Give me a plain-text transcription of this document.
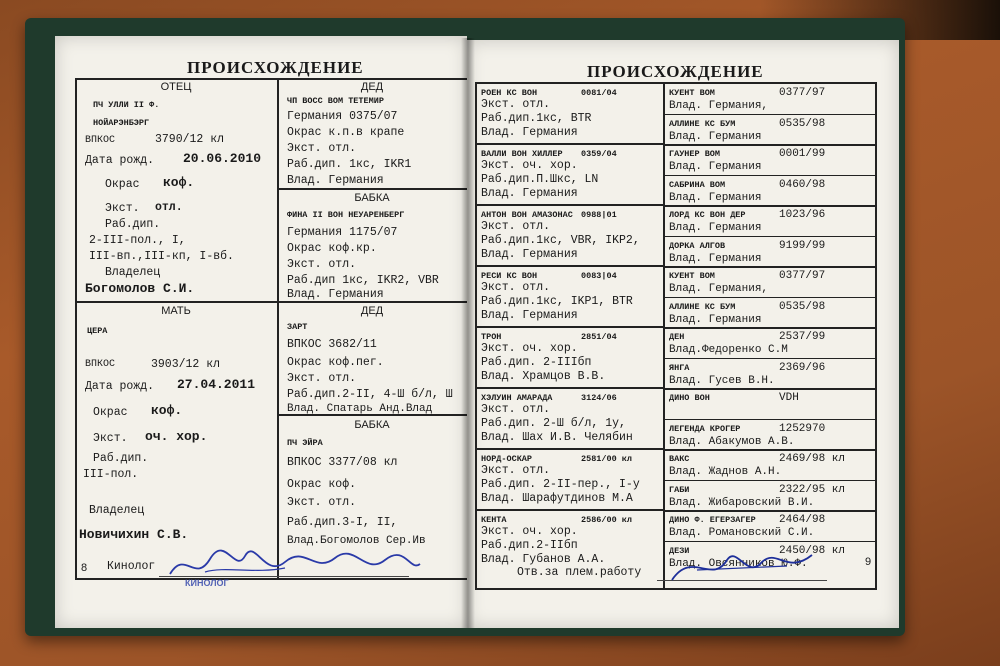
ПРОИСХОЖДЕНИЕ
ОТЕЦ
ПЧ УЛЛИ II Ф.
НОЙАРЭНБЭРГ
ВПКОС	3790/12 кл
Дата рожд. 20.06.2010
Окрас коф.
Экст. отл.
Раб.дип.
2-III-пол., I,
III-вп.,III-кп, I-вб.
Владелец
Богомолов С.И.
ДЕД
ЧП ВОСС ВОМ ТЕТЕМИР
Германия 0375/07
Окрас к.п.в крапе
Экст. отл.
Раб.дип. 1кс, IKR1
Влад. Германия
БАБКА
ФИНА II ВОН НЕУАРЕНБЕРГ
Германия 1175/07
Окрас коф.кр.
Экст. отл.
Раб.дип 1кс, IKR2, VBR
Влад. Германия
МАТЬ
ЦЕРА
ВПКОС	3903/12 кл
Дата рожд. 27.04.2011
Окрас коф.
Экст. оч. хор.
Раб.дип.
III-пол.
Владелец
Новичихин С.В.
ДЕД
ЗАРТ
ВПКОС 3682/11
Окрас коф.пег.
Экст. отл.
Раб.дип.2-II, 4-Ш б/л, Ш
Влад. Спатарь Анд.Влад
БАБКА
ПЧ ЭЙРА
ВПКОС 3377/08 кл
Окрас коф.
Экст. отл.
Раб.дип.3-I, II,
Влад.Богомолов Сер.Ив
8 Кинолог
КИНОЛОГ
ПРОИСХОЖДЕНИЕ
РОЕН КС ВОН	0081/04
Экст. отл.
Раб.дип.1кс, BTR
Влад. Германия
ВАЛЛИ ВОН ХИЛЛЕР 0359/04
Экст. оч. хор.
Раб.дип.П.Шкс, LN
Влад. Германия
АНТОН ВОН АМАЗОНАС 0988|01
Экст. отл.
Раб.дип.1кс, VBR, IKP2,
Влад. Германия
РЕСИ КС ВОН	0083|04
Экст. отл.
Раб.дип.1кс, IKP1, BTR
Влад. Германия
ТРОН	2851/04
Экст. оч. хор.
Раб.дип. 2-IIIбп
Влад. Храмцов В.В.
ХЭЛУИН АМАРАДА	3124/06
Экст. отл.
Раб.дип. 2-Ш б/л, 1у,
Влад. Шах И.В. Челябин
НОРД-ОСКАР	2581/00 кл
Экст. отл.
Раб.дип. 2-II-пер., I-у
Влад. Шарафутдинов М.А
КЕНТА	2586/00 кл
Экст. оч. хор.
Раб.дип.2-IIбп
Влад. Губанов А.А.
КУЕНТ ВОМ	0377/97
Влад. Германия,
АЛЛИНЕ КС БУМ	0535/98
Влад. Германия
ГАУНЕР ВОМ	0001/99
Влад. Германия
САБРИНА ВОМ	0460/98
Влад. Германия
ЛОРД КС ВОН ДЕР	1023/96
Влад. Германия
ДОРКА АЛГОВ	9199/99
Влад. Германия
КУЕНТ ВОМ	0377/97
Влад. Германия,
АЛЛИНЕ КС БУМ	0535/98
Влад. Германия
ДЕН	2537/99
Влад.Федоренко С.М
ЯНГА	2369/96
Влад. Гусев В.Н.
ДИНО ВОН	VDH
ЛЕГЕНДА КРОГЕР	1252970
Влад. Абакумов А.В.
ВАКС	2469/98 кл
Влад. Жаднов А.Н.
ГАБИ	2322/95 кл
Влад. Жибаровский В.И.
ДИНО Ф. ЕГЕРЗАГЕР 2464/98
Влад. Романовский С.И.
ДЕЗИ	2450/98 кл
Влад. Овсянников Ю.Ф.
Отв.за плем.работу
9
